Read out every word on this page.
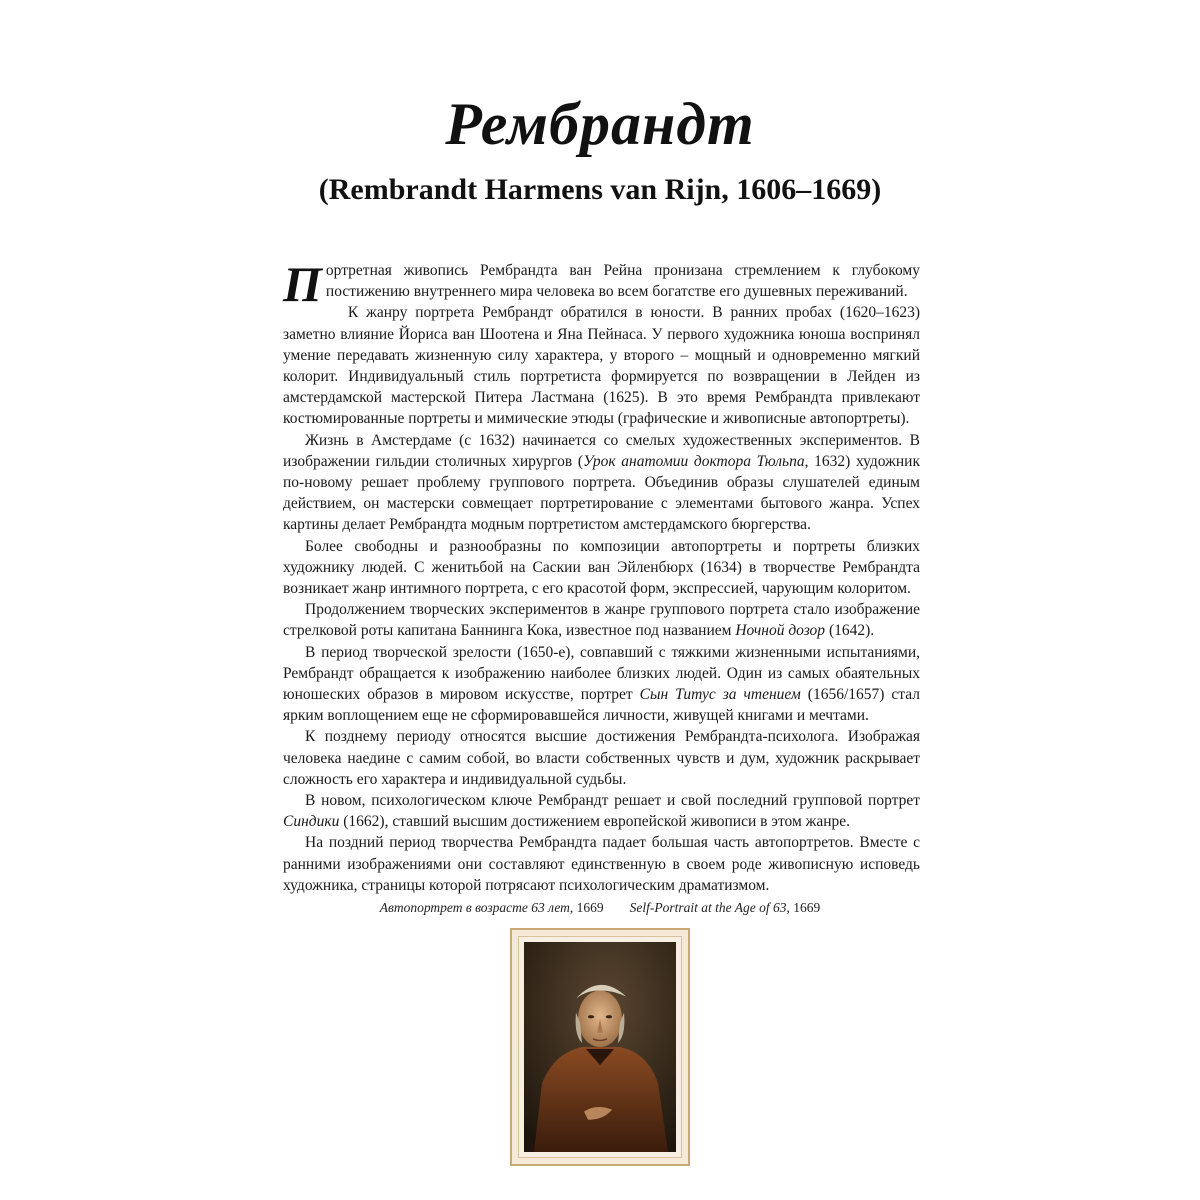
Рембрандт
(Rembrandt Harmens van Rijn, 1606–1669)

Портретная живопись Рембрандта ван Рейна пронизана стремлением к глубокому постижению внутреннего мира человека во всем богатстве его душевных переживаний.

К жанру портрета Рембрандт обратился в юности. В ранних пробах (1620–1623) заметно влияние Йориса ван Шоотена и Яна Пейнаса. У первого художника юноша воспринял умение передавать жизненную силу характера, у второго – мощный и одновременно мягкий колорит. Индивидуальный стиль портретиста формируется по возвращении в Лейден из амстердамской мастерской Питера Ластмана (1625). В это время Рембрандта привлекают костюмированные портреты и мимические этюды (графические и живописные автопортреты).

Жизнь в Амстердаме (с 1632) начинается со смелых художественных экспериментов. В изображении гильдии столичных хирургов (Урок анатомии доктора Тюльпа, 1632) художник по-новому решает проблему группового портрета. Объединив образы слушателей единым действием, он мастерски совмещает портретирование с элементами бытового жанра. Успех картины делает Рембрандта модным портретистом амстердамского бюргерства.

Более свободны и разнообразны по композиции автопортреты и портреты близких художнику людей. С женитьбой на Саскии ван Эйленбюрх (1634) в творчестве Рембрандта возникает жанр интимного портрета, с его красотой форм, экспрессией, чарующим колоритом.

Продолжением творческих экспериментов в жанре группового портрета стало изображение стрелковой роты капитана Баннинга Кока, известное под названием Ночной дозор (1642).

В период творческой зрелости (1650-е), совпавший с тяжкими жизненными испытаниями, Рембрандт обращается к изображению наиболее близких людей. Один из самых обаятельных юношеских образов в мировом искусстве, портрет Сын Титус за чтением (1656/1657) стал ярким воплощением еще не сформировавшейся личности, живущей книгами и мечтами.

К позднему периоду относятся высшие достижения Рембрандта-психолога. Изображая человека наедине с самим собой, во власти собственных чувств и дум, художник раскрывает сложность его характера и индивидуальной судьбы.

В новом, психологическом ключе Рембрандт решает и свой последний групповой портрет Синдики (1662), ставший высшим достижением европейской живописи в этом жанре.

На поздний период творчества Рембрандта падает большая часть автопортретов. Вместе с ранними изображениями они составляют единственную в своем роде живописную исповедь художника, страницы которой потрясают психологическим драматизмом.

Автопортрет в возрасте 63 лет, 1669 Self-Portrait at the Age of 63, 1669
